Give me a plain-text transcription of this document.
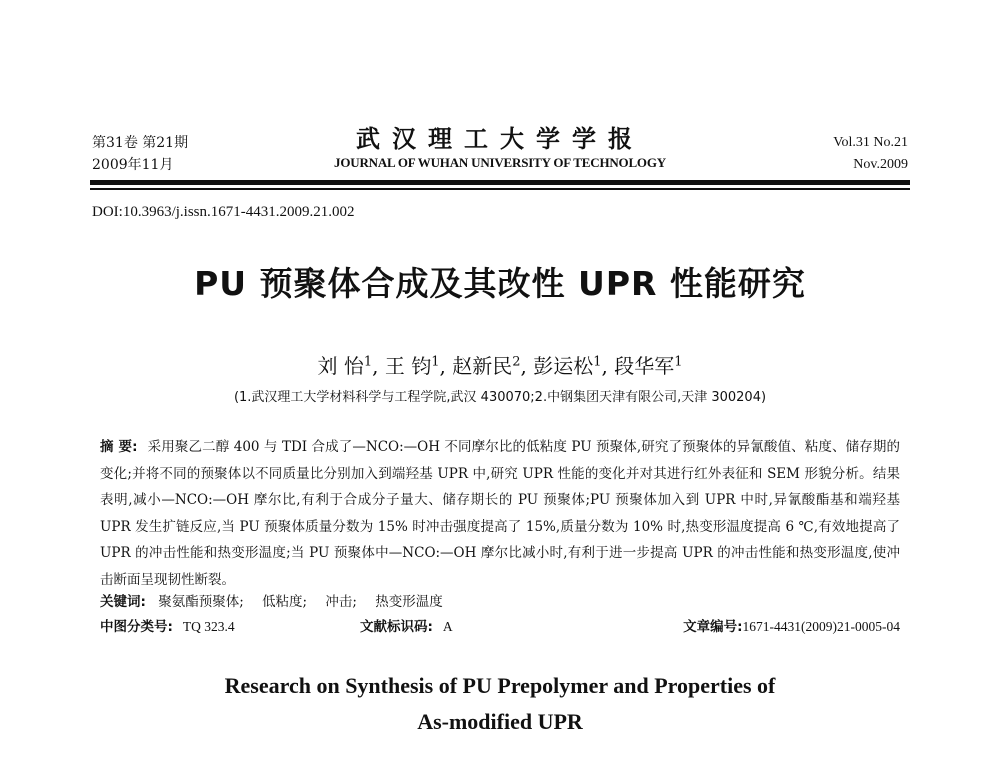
第31卷 第21期
2009年11月
武汉理工大学学报
JOURNAL OF WUHAN UNIVERSITY OF TECHNOLOGY
Vol.31 No.21
Nov.2009
DOI:10.3963/j.issn.1671-4431.2009.21.002
PU 预聚体合成及其改性 UPR 性能研究
刘 怡$^1$, 王 钧$^1$, 赵新民$^2$, 彭运松$^1$, 段华军$^1$
(1.武汉理工大学材料科学与工程学院,武汉 430070;2.中钢集团天津有限公司,天津 300204)
摘 要: 采用聚乙二醇 400 与 TDI 合成了—NCO:—OH 不同摩尔比的低粘度 PU 预聚体,研究了预聚体的异氰酸值、粘度、储存期的变化;并将不同的预聚体以不同质量比分别加入到端羟基 UPR 中,研究 UPR 性能的变化并对其进行红外表征和 SEM 形貌分析。结果表明,减小—NCO:—OH 摩尔比,有利于合成分子量大、储存期长的 PU 预聚体;PU 预聚体加入到 UPR 中时,异氰酸酯基和端羟基 UPR 发生扩链反应,当 PU 预聚体质量分数为 15% 时冲击强度提高了 15%,质量分数为 10% 时,热变形温度提高 6 ℃,有效地提高了 UPR 的冲击性能和热变形温度;当 PU 预聚体中—NCO:—OH 摩尔比减小时,有利于进一步提高 UPR 的冲击性能和热变形温度,使冲击断面呈现韧性断裂。
关键词: 聚氨酯预聚体; 低粘度; 冲击; 热变形温度
中图分类号: TQ 323.4	文献标识码: A	文章编号:1671-4431(2009)21-0005-04
Research on Synthesis of PU Prepolymer and Properties of
As-modified UPR
